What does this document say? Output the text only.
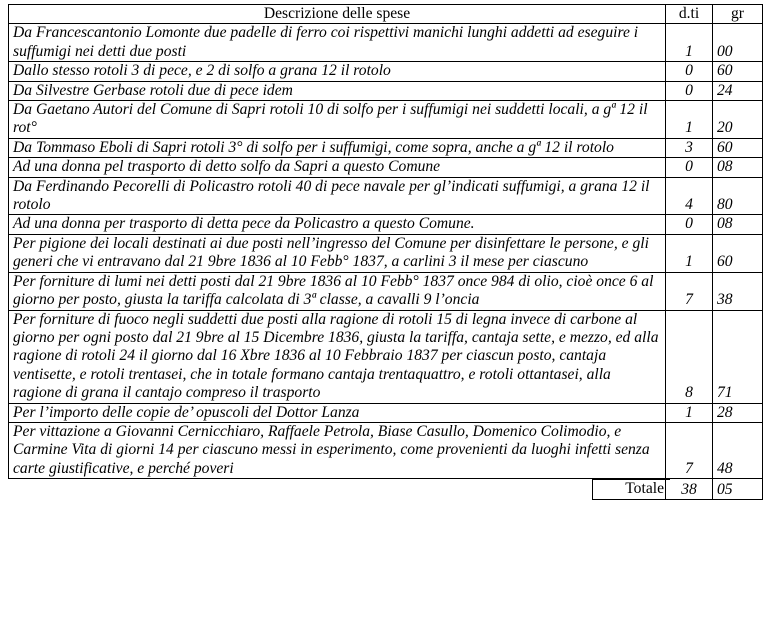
Descrizione delle spese	d.ti	gr
Da Francescantonio Lomonte due padelle di ferro coi rispettivi manichi lunghi addetti ad eseguire i suffumigi nei detti due posti	1	00
Dallo stesso rotoli 3 di pece, e 2 di solfo a grana 12 il rotolo	0	60
Da Silvestre Gerbase rotoli due di pece idem	0	24
Da Gaetano Autori del Comune di Sapri rotoli 10 di solfo per i suffumigi nei suddetti locali, a gª 12 il rot°	1	20
Da Tommaso Eboli di Sapri rotoli 3° di solfo per i suffumigi, come sopra, anche a gª 12 il rotolo	3	60
Ad una donna pel trasporto di detto solfo da Sapri a questo Comune	0	08
Da Ferdinando Pecorelli di Policastro rotoli 40 di pece navale per gl’indicati suffumigi, a grana 12 il rotolo	4	80
Ad una donna per trasporto di detta pece da Policastro a questo Comune.	0	08
Per pigione dei locali destinati ai due posti nell’ingresso del Comune per disinfettare le persone, e gli generi che vi entravano dal 21 9bre 1836 al 10 Febb° 1837, a carlini 3 il mese per ciascuno	1	60
Per forniture di lumi nei detti posti dal 21 9bre 1836 al 10 Febb° 1837 once 984 di olio, cioè once 6 al giorno per posto, giusta la tariffa calcolata di 3ª classe, a cavalli 9 l’oncia	7	38
Per forniture di fuoco negli suddetti due posti alla ragione di rotoli 15 di legna invece di carbone al giorno per ogni posto dal 21 9bre al 15 Dicembre 1836, giusta la tariffa, cantaja sette, e mezzo, ed alla ragione di rotoli 24 il giorno dal 16 Xbre 1836 al 10 Febbraio 1837 per ciascun posto, cantaja ventisette, e rotoli trentasei, che in totale formano cantaja trentaquattro, e rotoli ottantasei, alla ragione di grana il cantajo compreso il trasporto	8	71
Per l’importo delle copie de’ opuscoli del Dottor Lanza	1	28
Per vittazione a Giovanni Cernicchiaro, Raffaele Petrola, Biase Casullo, Domenico Colimodio, e Carmine Vita di giorni 14 per ciascuno messi in esperimento, come provenienti da luoghi infetti senza carte giustificative, e perché poveri	7	48

Totale	38	05
